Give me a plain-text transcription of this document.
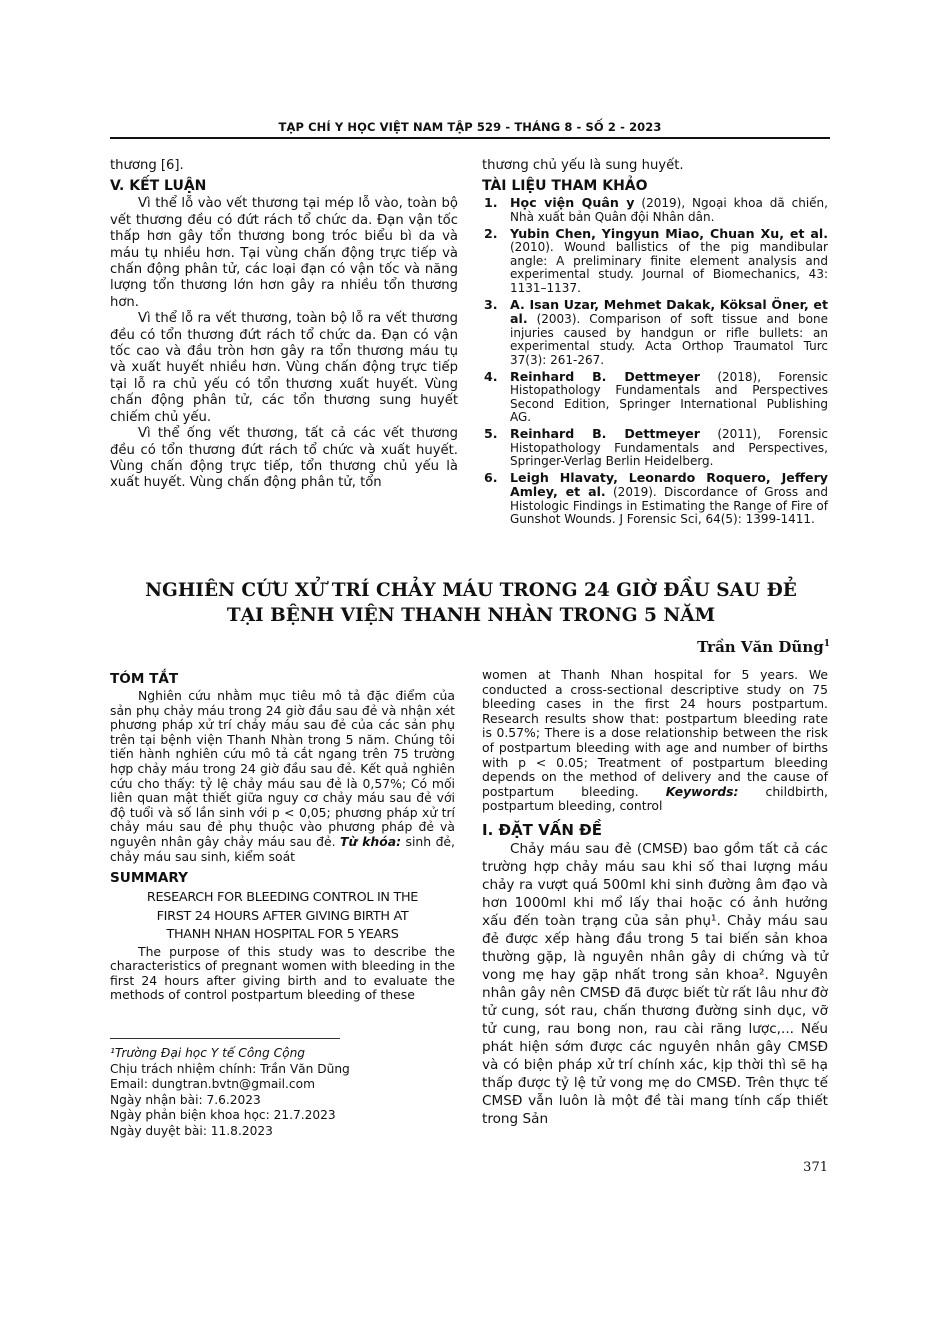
TẠP CHÍ Y HỌC VIỆT NAM TẬP 529 - THÁNG 8 - SỐ 2 - 2023

thương [6].

V. KẾT LUẬN

Vì thể lỗ vào vết thương tại mép lỗ vào, toàn bộ vết thương đều có đứt rách tổ chức da. Đạn vận tốc thấp hơn gây tổn thương bong tróc biểu bì da và máu tụ nhiều hơn. Tại vùng chấn động trực tiếp và chấn động phân tử, các loại đạn có vận tốc và năng lượng tổn thương lớn hơn gây ra nhiều tổn thương hơn.

Vì thể lỗ ra vết thương, toàn bộ lỗ ra vết thương đều có tổn thương đứt rách tổ chức da. Đạn có vận tốc cao và đầu tròn hơn gây ra tổn thương máu tụ và xuất huyết nhiều hơn. Vùng chấn động trực tiếp tại lỗ ra chủ yếu có tổn thương xuất huyết. Vùng chấn động phân tử, các tổn thương sung huyết chiếm chủ yếu.

Vì thể ống vết thương, tất cả các vết thương đều có tổn thương đứt rách tổ chức và xuất huyết. Vùng chấn động trực tiếp, tổn thương chủ yếu là xuất huyết. Vùng chấn động phân tử, tổn

thương chủ yếu là sung huyết.

TÀI LIỆU THAM KHẢO
1. Học viện Quân y (2019), Ngoại khoa dã chiến, Nhà xuất bản Quân đội Nhân dân.
2. Yubin Chen, Yingyun Miao, Chuan Xu, et al. (2010). Wound ballistics of the pig mandibular angle: A preliminary finite element analysis and experimental study. Journal of Biomechanics, 43: 1131–1137.
3. A. Isan Uzar, Mehmet Dakak, Köksal Öner, et al. (2003). Comparison of soft tissue and bone injuries caused by handgun or rifle bullets: an experimental study. Acta Orthop Traumatol Turc 37(3): 261-267.
4. Reinhard B. Dettmeyer (2018), Forensic Histopathology Fundamentals and Perspectives Second Edition, Springer International Publishing AG.
5. Reinhard B. Dettmeyer (2011), Forensic Histopathology Fundamentals and Perspectives, Springer-Verlag Berlin Heidelberg.
6. Leigh Hlavaty, Leonardo Roquero, Jeffery Amley, et al. (2019). Discordance of Gross and Histologic Findings in Estimating the Range of Fire of Gunshot Wounds. J Forensic Sci, 64(5): 1399-1411.
NGHIÊN CỨU XỬ TRÍ CHẢY MÁU TRONG 24 GIỜ ĐẦU SAU ĐẺ
TẠI BỆNH VIỆN THANH NHÀN TRONG 5 NĂM
Trần Văn Dũng$^1$
TÓM TẮT

Nghiên cứu nhằm mục tiêu mô tả đặc điểm của sản phụ chảy máu trong 24 giờ đầu sau đẻ và nhận xét phương pháp xử trí chảy máu sau đẻ của các sản phụ trên tại bệnh viện Thanh Nhàn trong 5 năm. Chúng tôi tiến hành nghiên cứu mô tả cắt ngang trên 75 trường hợp chảy máu trong 24 giờ đầu sau đẻ. Kết quả nghiên cứu cho thấy: tỷ lệ chảy máu sau đẻ là 0,57%; Có mối liên quan mật thiết giữa nguy cơ chảy máu sau đẻ với độ tuổi và số lần sinh với p < 0,05; phương pháp xử trí chảy máu sau đẻ phụ thuộc vào phương pháp đẻ và nguyên nhân gây chảy máu sau đẻ. Từ khóa: sinh đẻ, chảy máu sau sinh, kiểm soát

SUMMARY
RESEARCH FOR BLEEDING CONTROL IN THE
FIRST 24 HOURS AFTER GIVING BIRTH AT
THANH NHAN HOSPITAL FOR 5 YEARS

The purpose of this study was to describe the characteristics of pregnant women with bleeding in the first 24 hours after giving birth and to evaluate the methods of control postpartum bleeding of these

¹Trường Đại học Y tế Công Cộng
Chịu trách nhiệm chính: Trần Văn Dũng
Email: dungtran.bvtn@gmail.com
Ngày nhận bài: 7.6.2023
Ngày phản biện khoa học: 21.7.2023
Ngày duyệt bài: 11.8.2023

women at Thanh Nhan hospital for 5 years. We conducted a cross-sectional descriptive study on 75 bleeding cases in the first 24 hours postpartum. Research results show that: postpartum bleeding rate is 0.57%; There is a dose relationship between the risk of postpartum bleeding with age and number of births with p < 0.05; Treatment of postpartum bleeding depends on the method of delivery and the cause of postpartum bleeding. Keywords: childbirth, postpartum bleeding, control

I. ĐẶT VẤN ĐỀ

Chảy máu sau đẻ (CMSĐ) bao gồm tất cả các trường hợp chảy máu sau khi số thai lượng máu chảy ra vượt quá 500ml khi sinh đường âm đạo và hơn 1000ml khi mổ lấy thai hoặc có ảnh hưởng xấu đến toàn trạng của sản phụ¹. Chảy máu sau đẻ được xếp hàng đầu trong 5 tai biến sản khoa thường gặp, là nguyên nhân gây di chứng và tử vong mẹ hay gặp nhất trong sản khoa². Nguyên nhân gây nên CMSĐ đã được biết từ rất lâu như đờ tử cung, sót rau, chấn thương đường sinh dục, vỡ tử cung, rau bong non, rau cài răng lược,... Nếu phát hiện sớm được các nguyên nhân gây CMSĐ và có biện pháp xử trí chính xác, kịp thời thì sẽ hạ thấp được tỷ lệ tử vong mẹ do CMSĐ. Trên thực tế CMSĐ vẫn luôn là một đề tài mang tính cấp thiết trong Sản

371
